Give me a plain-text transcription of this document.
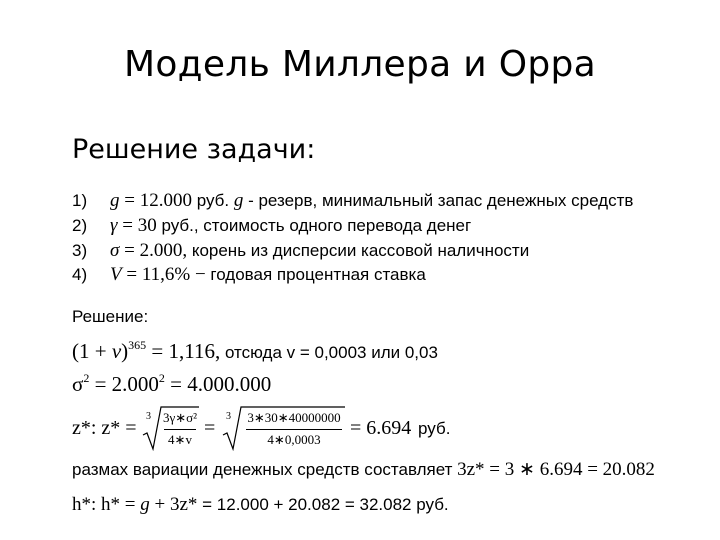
Модель Миллера и Орра
Решение задачи:
1) g = 12.000 руб. g - резерв, минимальный запас денежных средств
2) γ = 30 руб., стоимость одного перевода денег
3) σ = 2.000, корень из дисперсии кассовой наличности
4) V = 11,6% − годовая процентная ставка
Решение:
$(1 + v)^{365} = 1,116$, отсюда v = 0,0003 или 0,03
$\sigma^2 = 2.000^2 = 4.000.000$
z*: z* =
3 3γ∗σ²
4∗v
=
3	3∗30∗40000000
4∗0,0003
= 6.694 руб.
размах вариации денежных средств составляет 3z* = 3 ∗ 6.694 = 20.082
h*: h* = g + 3z* = 12.000 + 20.082 = 32.082 руб.
